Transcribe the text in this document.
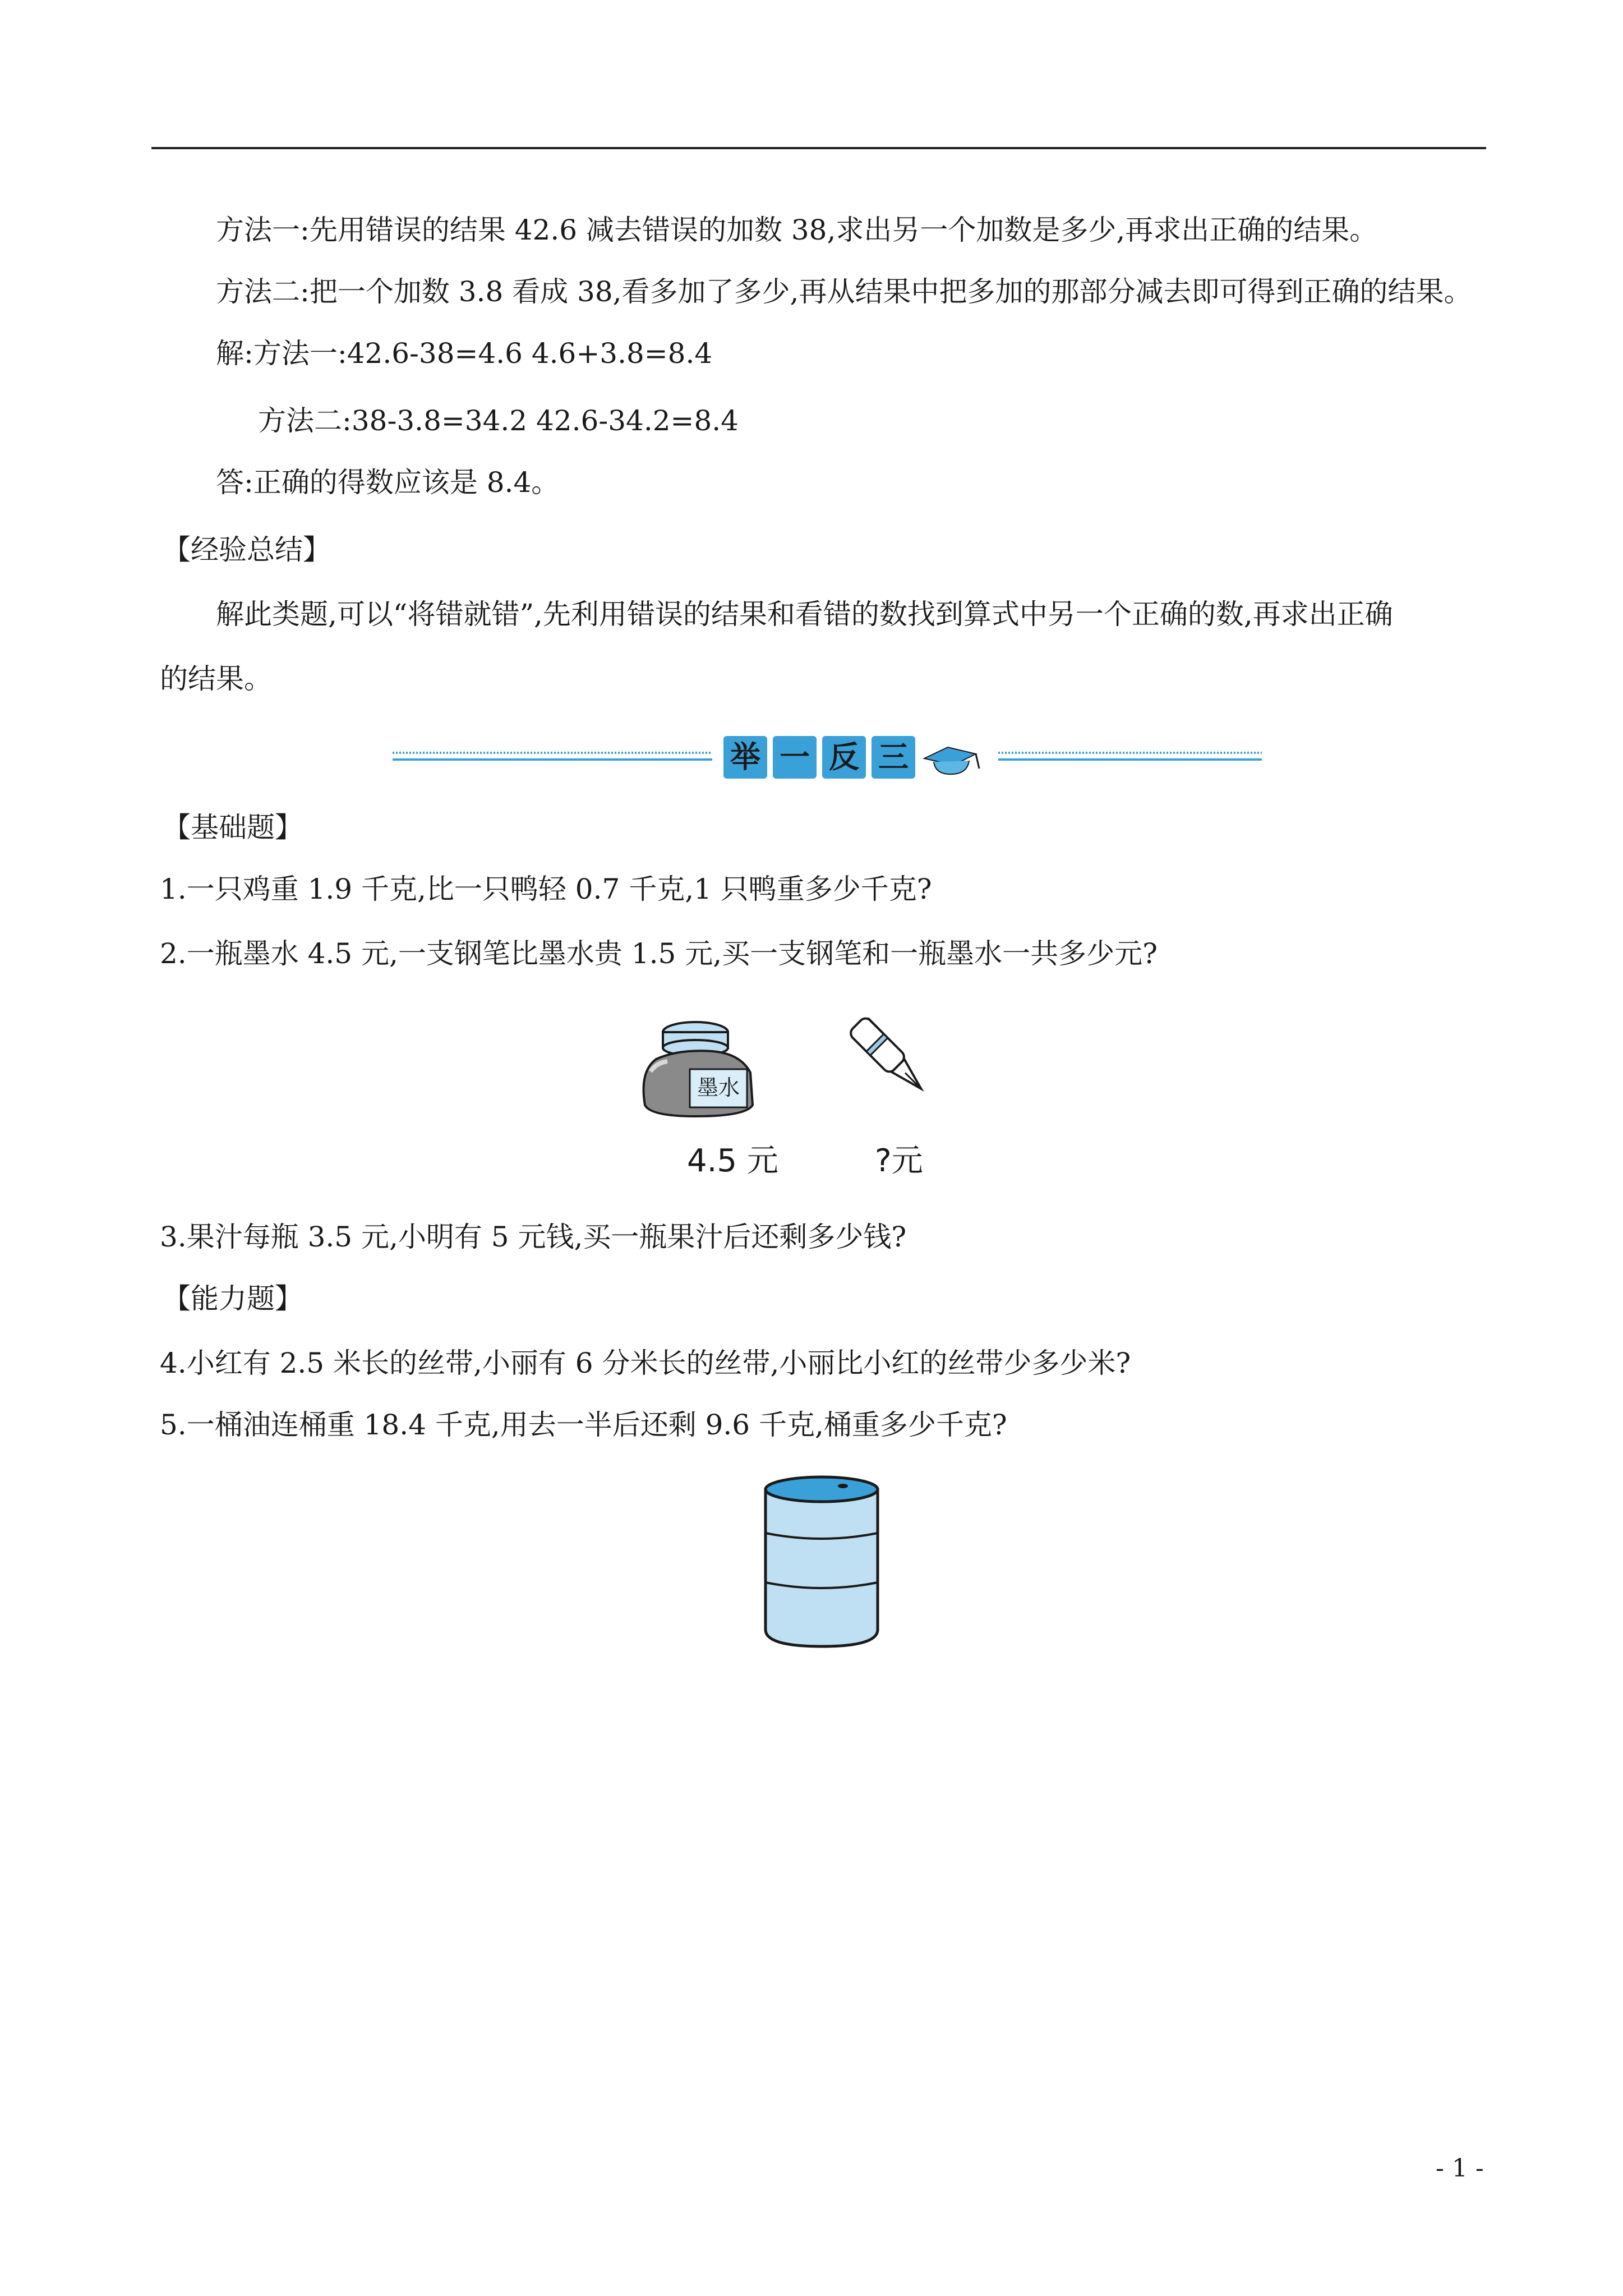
方法一:先用错误的结果 42.6 减去错误的加数 38,求出另一个加数是多少,再求出正确的结果。
方法二:把一个加数 3.8 看成 38,看多加了多少,再从结果中把多加的那部分减去即可得到正确的结果。
解:方法一:42.6-38=4.6 4.6+3.8=8.4
方法二:38-3.8=34.2 42.6-34.2=8.4
答:正确的得数应该是 8.4。
【经验总结】
解此类题,可以“将错就错”,先利用错误的结果和看错的数找到算式中另一个正确的数,再求出正确
的结果。
举 一 反 三
【基础题】
1.一只鸡重 1.9 千克,比一只鸭轻 0.7 千克,1 只鸭重多少千克?
2.一瓶墨水 4.5 元,一支钢笔比墨水贵 1.5 元,买一支钢笔和一瓶墨水一共多少元?
墨水
4.5 元	?元
3.果汁每瓶 3.5 元,小明有 5 元钱,买一瓶果汁后还剩多少钱?
【能力题】
4.小红有 2.5 米长的丝带,小丽有 6 分米长的丝带,小丽比小红的丝带少多少米?
5.一桶油连桶重 18.4 千克,用去一半后还剩 9.6 千克,桶重多少千克?
- 1 -
